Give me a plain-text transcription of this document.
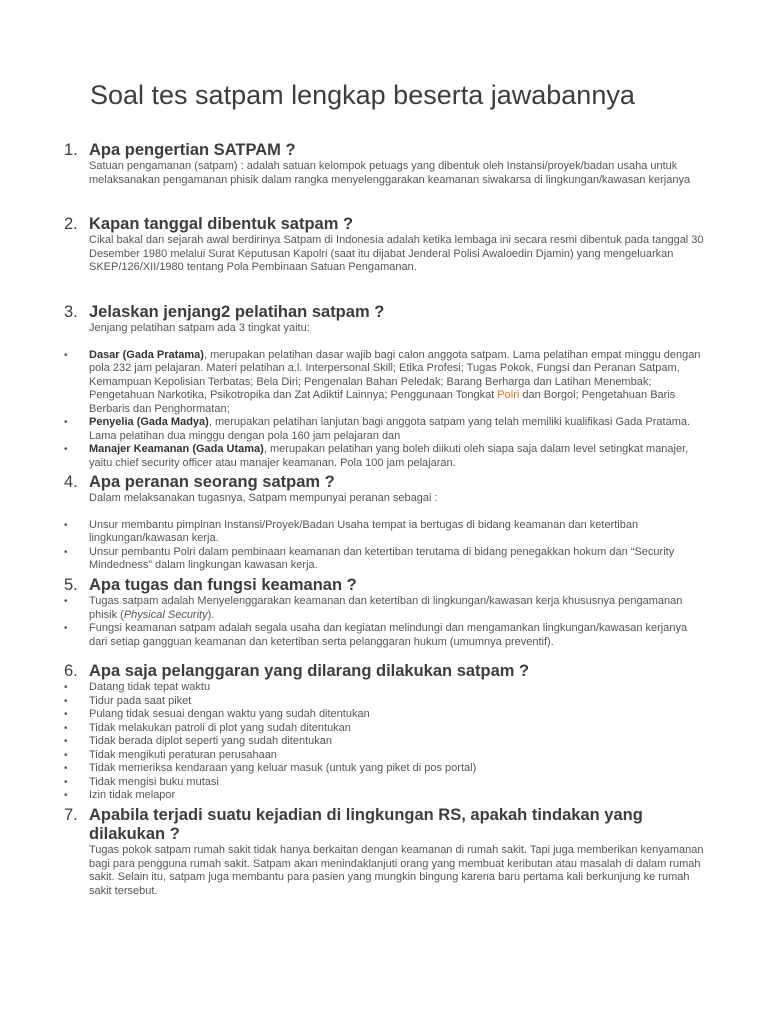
Soal tes satpam lengkap beserta jawabannya
1. Apa pengertian SATPAM ?

Satuan pengamanan (satpam) : adalah satuan kelompok petuags yang dibentuk oleh Instansi/proyek/badan usaha untuk melaksanakan pengamanan phisik dalam rangka menyelenggarakan keamanan siwakarsa di lingkungan/kawasan kerjanya

2. Kapan tanggal dibentuk satpam ?

Cikal bakal dan sejarah awal berdirinya Satpam di Indonesia adalah ketika lembaga ini secara resmi dibentuk pada tanggal 30 Desember 1980 melalui Surat Keputusan Kapolri (saat itu dijabat Jenderal Polisi Awaloedin Djamin) yang mengeluarkan SKEP/126/XII/1980 tentang Pola Pembinaan Satuan Pengamanan.

3. Jelaskan jenjang2 pelatihan satpam ?

Jenjang pelatihan satpam ada 3 tingkat yaitu:

•	Dasar (Gada Pratama), merupakan pelatihan dasar wajib bagi calon anggota satpam. Lama pelatihan empat minggu dengan pola 232 jam pelajaran. Materi pelatihan a.l. Interpersonal Skill; Etika Profesi; Tugas Pokok, Fungsi dan Peranan Satpam, Kemampuan Kepolisian Terbatas; Bela Diri; Pengenalan Bahan Peledak; Barang Berharga dan Latihan Menembak; Pengetahuan Narkotika, Psikotropika dan Zat Adiktif Lainnya; Penggunaan Tongkat Polri dan Borgol; Pengetahuan Baris Berbaris dan Penghormatan;
•	Penyelia (Gada Madya), merupakan pelatihan lanjutan bagi anggota satpam yang telah memiliki kualifikasi Gada Pratama. Lama pelatihan dua minggu dengan pola 160 jam pelajaran dan
•	Manajer Keamanan (Gada Utama), merupakan pelatihan yang boleh diikuti oleh siapa saja dalam level setingkat manajer, yaitu chief security officer atau manajer keamanan. Pola 100 jam pelajaran.
4. Apa peranan seorang satpam ?

Dalam melaksanakan tugasnya, Satpam mempunyai peranan sebagai :

•	Unsur membantu pimpinan Instansi/Proyek/Badan Usaha tempat ia bertugas di bidang keamanan dan ketertiban lingkungan/kawasan kerja.
•	Unsur pembantu Polri dalam pembinaan keamanan dan ketertiban terutama di bidang penegakkan hokum dan “Security Mindedness” dalam lingkungan kawasan kerja.
5. Apa tugas dan fungsi keamanan ?
•	Tugas satpam adalah Menyelenggarakan keamanan dan ketertiban di lingkungan/kawasan kerja khususnya pengamanan phisik (Physical Security).
•	Fungsi keamanan satpam adalah segala usaha dan kegiatan melindungi dan mengamankan lingkungan/kawasan kerjanya dari setiap gangguan keamanan dan ketertiban serta pelanggaran hukum (umumnya preventif).
6. Apa saja pelanggaran yang dilarang dilakukan satpam ?
•	Datang tidak tepat waktu
•	Tidur pada saat piket
•	Pulang tidak sesuai dengan waktu yang sudah ditentukan
•	Tidak melakukan patroli di plot yang sudah ditentukan
•	Tidak berada diplot seperti yang sudah ditentukan
•	Tidak mengikuti peraturan perusahaan
•	Tidak memeriksa kendaraan yang keluar masuk (untuk yang piket di pos portal)
•	Tidak mengisi buku mutasi
•	Izin tidak melapor
7. Apabila terjadi suatu kejadian di lingkungan RS, apakah tindakan yang dilakukan ?

Tugas pokok satpam rumah sakit tidak hanya berkaitan dengan keamanan di rumah sakit. Tapi juga memberikan kenyamanan bagi para pengguna rumah sakit. Satpam akan menindaklanjuti orang yang membuat keributan atau masalah di dalam rumah sakit. Selain itu, satpam juga membantu para pasien yang mungkin bingung karena baru pertama kali berkunjung ke rumah sakit tersebut.
